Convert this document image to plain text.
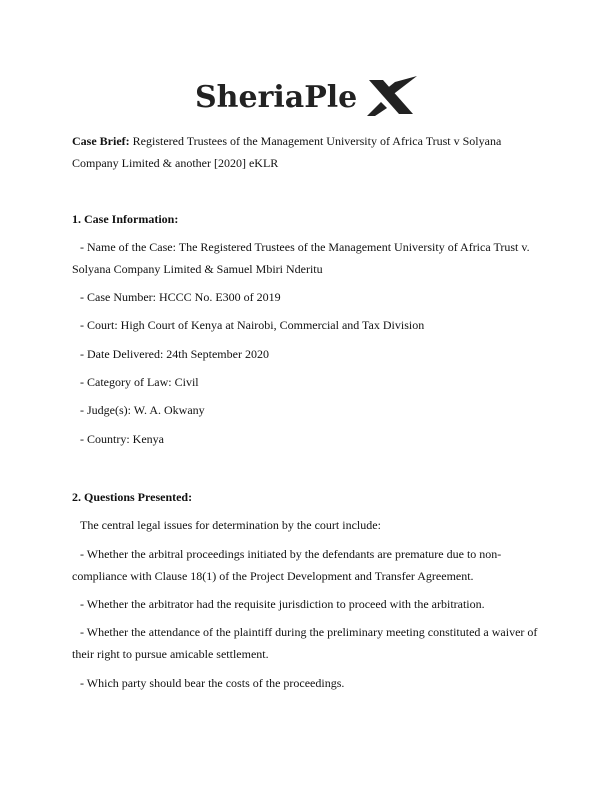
SheriaPle
Case Brief: Registered Trustees of the Management University of Africa Trust v Solyana Company Limited & another [2020] eKLR
1. Case Information:
- Name of the Case: The Registered Trustees of the Management University of Africa Trust v.
Solyana Company Limited & Samuel Mbiri Nderitu
- Case Number: HCCC No. E300 of 2019
- Court: High Court of Kenya at Nairobi, Commercial and Tax Division
- Date Delivered: 24th September 2020
- Category of Law: Civil
- Judge(s): W. A. Okwany
- Country: Kenya
2. Questions Presented:
The central legal issues for determination by the court include:
- Whether the arbitral proceedings initiated by the defendants are premature due to non-
compliance with Clause 18(1) of the Project Development and Transfer Agreement.
- Whether the arbitrator had the requisite jurisdiction to proceed with the arbitration.
- Whether the attendance of the plaintiff during the preliminary meeting constituted a waiver of
their right to pursue amicable settlement.
- Which party should bear the costs of the proceedings.
